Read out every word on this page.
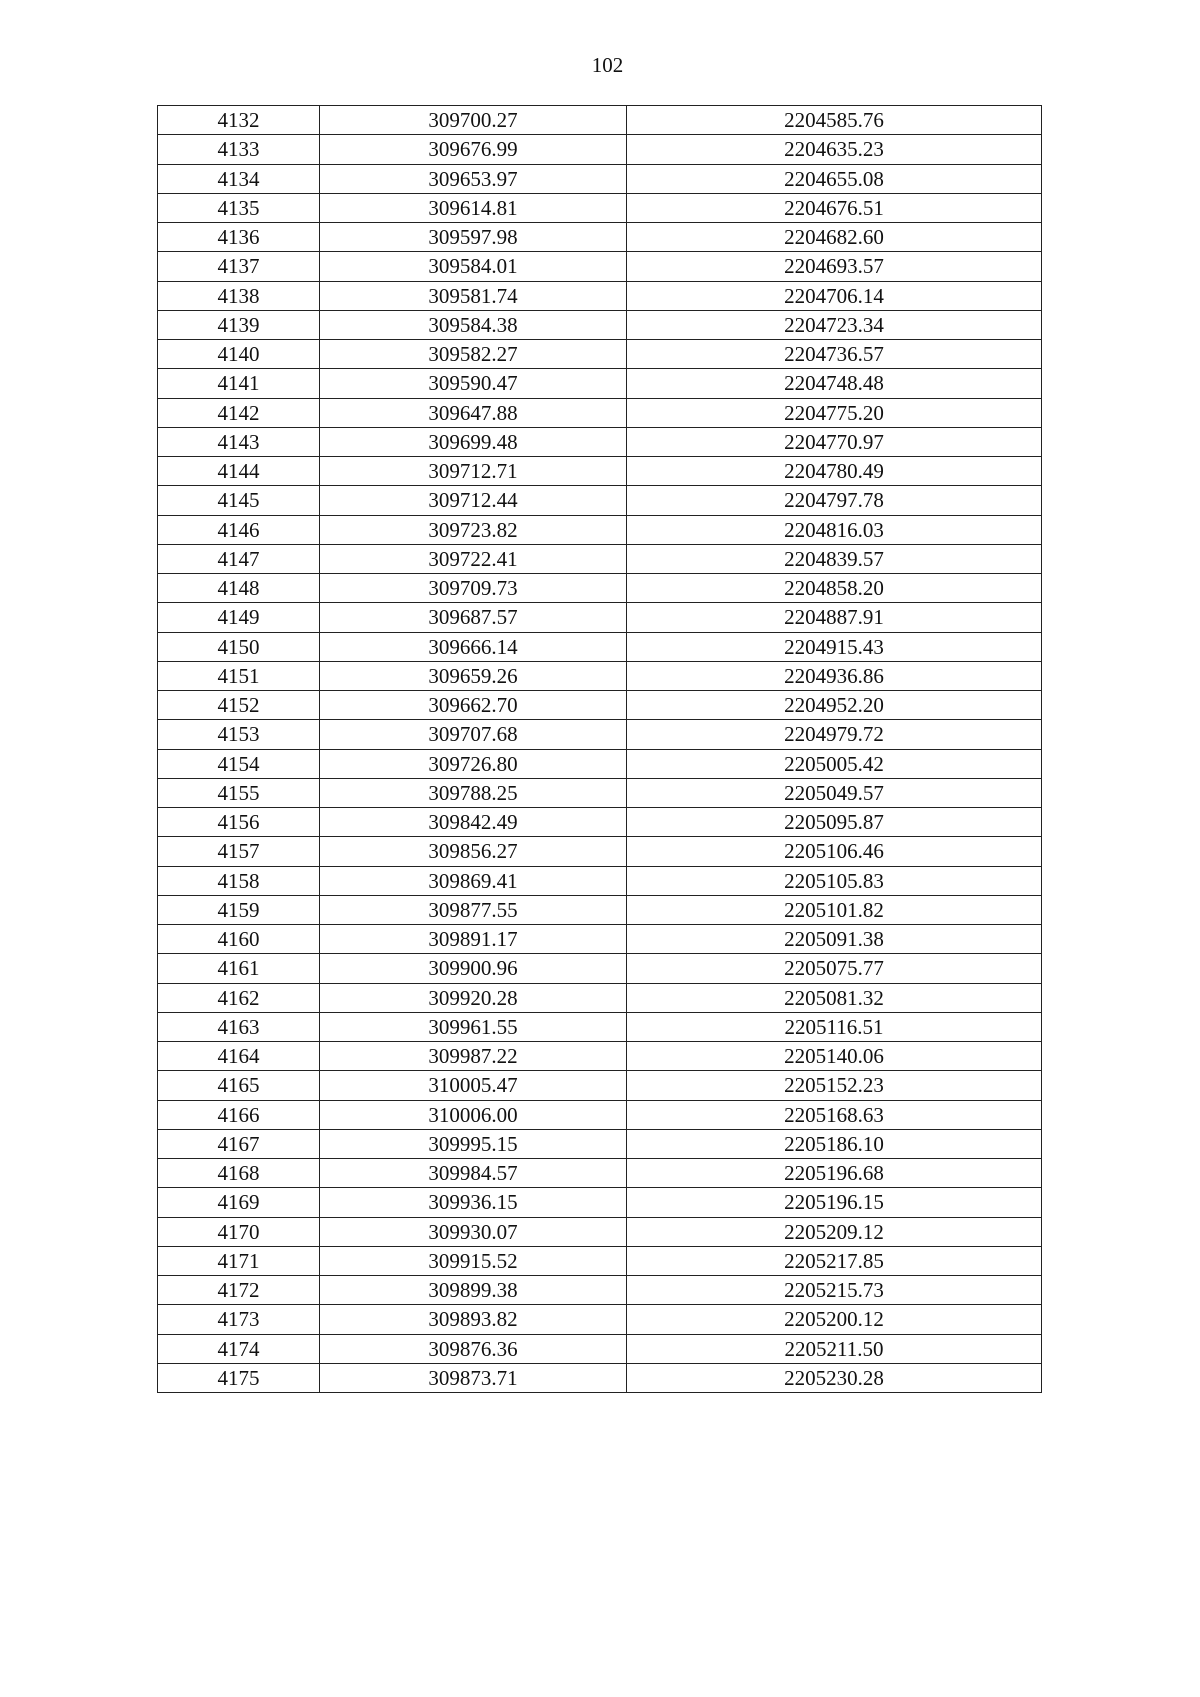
102
4132	309700.27	2204585.76
4133	309676.99	2204635.23
4134	309653.97	2204655.08
4135	309614.81	2204676.51
4136	309597.98	2204682.60
4137	309584.01	2204693.57
4138	309581.74	2204706.14
4139	309584.38	2204723.34
4140	309582.27	2204736.57
4141	309590.47	2204748.48
4142	309647.88	2204775.20
4143	309699.48	2204770.97
4144	309712.71	2204780.49
4145	309712.44	2204797.78
4146	309723.82	2204816.03
4147	309722.41	2204839.57
4148	309709.73	2204858.20
4149	309687.57	2204887.91
4150	309666.14	2204915.43
4151	309659.26	2204936.86
4152	309662.70	2204952.20
4153	309707.68	2204979.72
4154	309726.80	2205005.42
4155	309788.25	2205049.57
4156	309842.49	2205095.87
4157	309856.27	2205106.46
4158	309869.41	2205105.83
4159	309877.55	2205101.82
4160	309891.17	2205091.38
4161	309900.96	2205075.77
4162	309920.28	2205081.32
4163	309961.55	2205116.51
4164	309987.22	2205140.06
4165	310005.47	2205152.23
4166	310006.00	2205168.63
4167	309995.15	2205186.10
4168	309984.57	2205196.68
4169	309936.15	2205196.15
4170	309930.07	2205209.12
4171	309915.52	2205217.85
4172	309899.38	2205215.73
4173	309893.82	2205200.12
4174	309876.36	2205211.50
4175	309873.71	2205230.28
